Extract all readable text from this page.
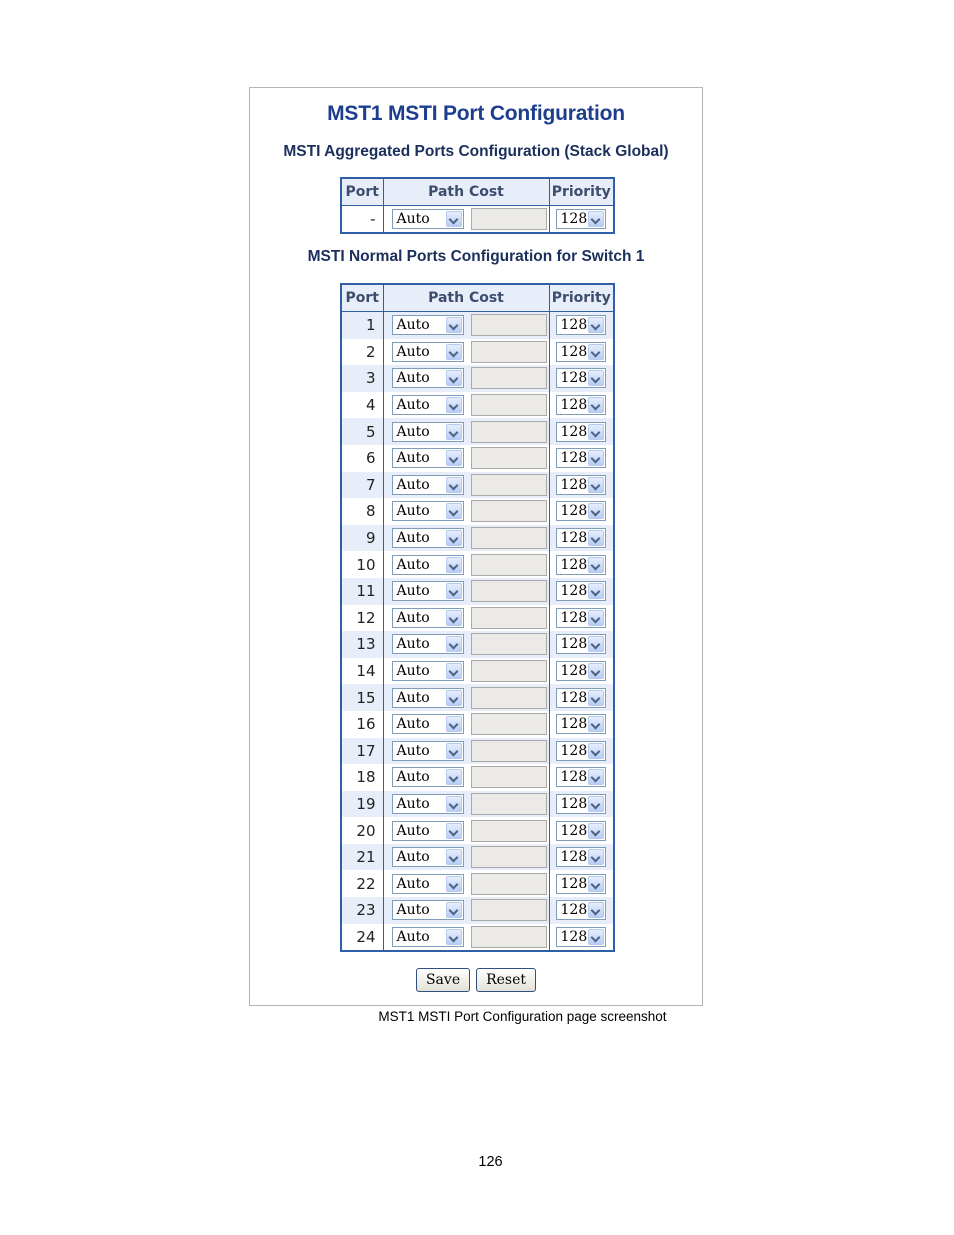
MST1 MSTI Port Configuration
MSTI Aggregated Ports Configuration (Stack Global)
Port	Path Cost		Priority
-	Auto		128
MSTI Normal Ports Configuration for Switch 1
Port	Path Cost		Priority
1	Auto		128

2	Auto		128

3	Auto		128

4	Auto		128

5	Auto		128

6	Auto		128

7	Auto		128

8	Auto		128

9	Auto		128

10	Auto		128

11	Auto		128

12	Auto		128

13	Auto		128

14	Auto		128

15	Auto		128

16	Auto		128

17	Auto		128

18	Auto		128

19	Auto		128

20	Auto		128

21	Auto		128

22	Auto		128

23	Auto		128

24	Auto		128
Save Reset
MST1 MSTI Port Configuration page screenshot
126
